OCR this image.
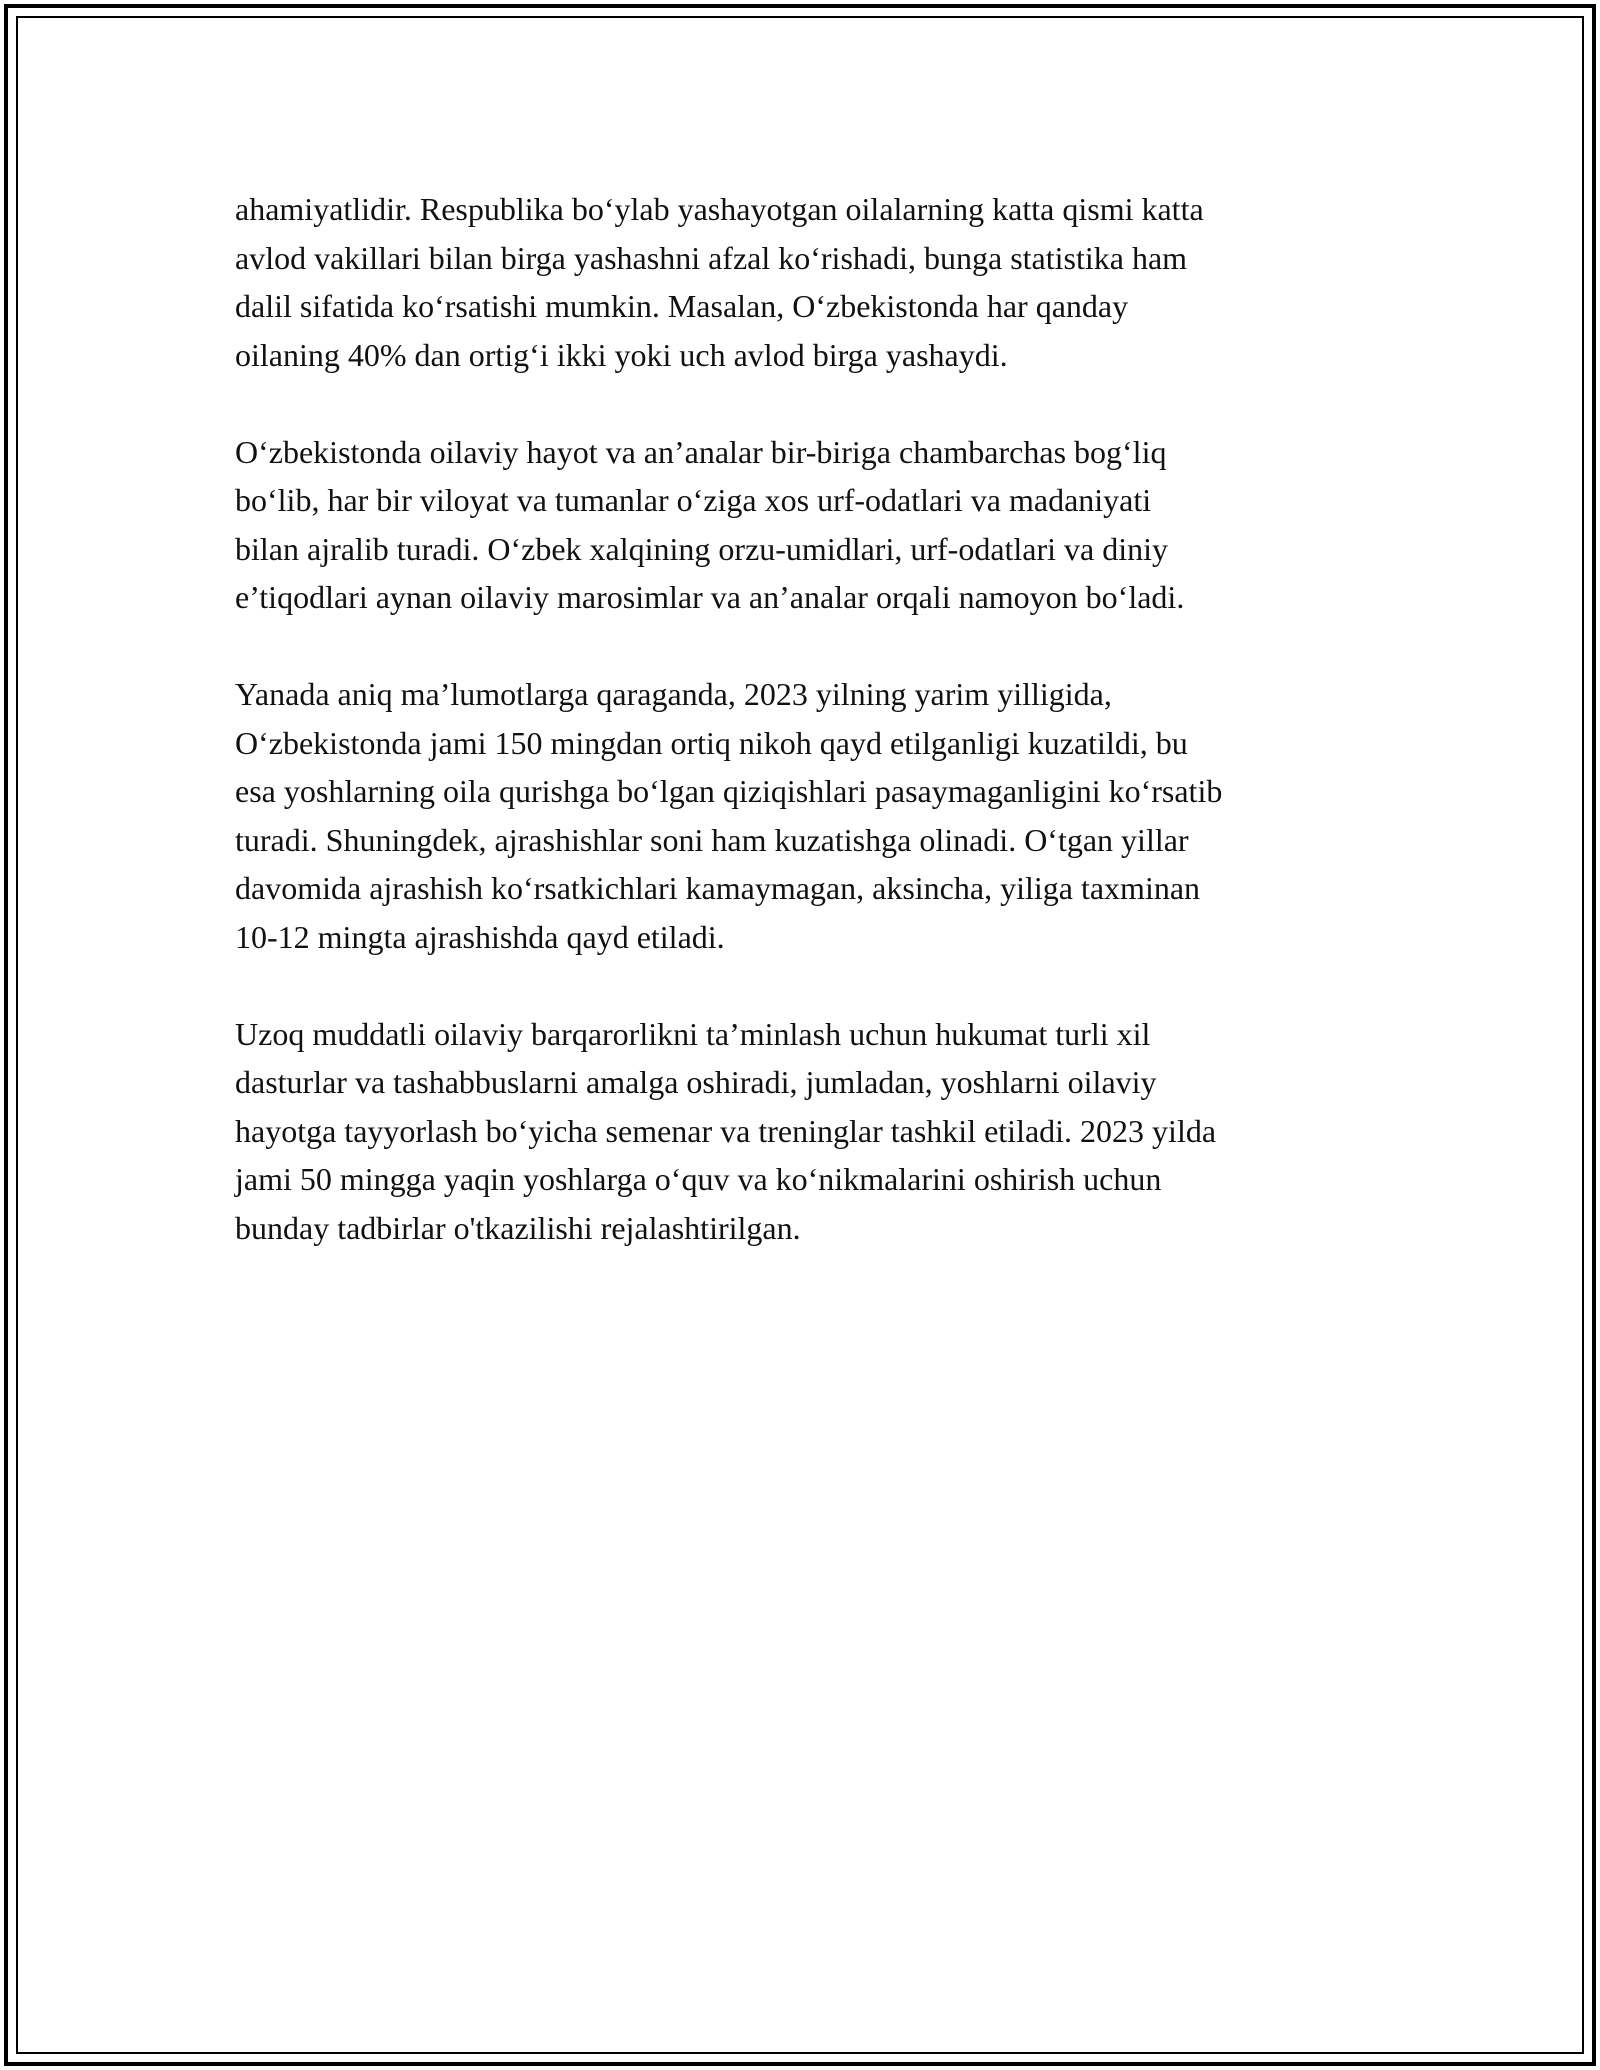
ahamiyatlidir. Respublika boʻylab yashayotgan oilalarning katta qismi katta
avlod vakillari bilan birga yashashni afzal koʻrishadi, bunga statistika ham
dalil sifatida koʻrsatishi mumkin. Masalan, Oʻzbekistonda har qanday
oilaning 40% dan ortigʻi ikki yoki uch avlod birga yashaydi.

Oʻzbekistonda oilaviy hayot va an’analar bir-biriga chambarchas bogʻliq
boʻlib, har bir viloyat va tumanlar oʻziga xos urf-odatlari va madaniyati
bilan ajralib turadi. Oʻzbek xalqining orzu-umidlari, urf-odatlari va diniy
e’tiqodlari aynan oilaviy marosimlar va an’analar orqali namoyon boʻladi.

Yanada aniq ma’lumotlarga qaraganda, 2023 yilning yarim yilligida,
Oʻzbekistonda jami 150 mingdan ortiq nikoh qayd etilganligi kuzatildi, bu
esa yoshlarning oila qurishga boʻlgan qiziqishlari pasaymaganligini koʻrsatib
turadi. Shuningdek, ajrashishlar soni ham kuzatishga olinadi. Oʻtgan yillar
davomida ajrashish koʻrsatkichlari kamaymagan, aksincha, yiliga taxminan
10-12 mingta ajrashishda qayd etiladi.

Uzoq muddatli oilaviy barqarorlikni ta’minlash uchun hukumat turli xil
dasturlar va tashabbuslarni amalga oshiradi, jumladan, yoshlarni oilaviy
hayotga tayyorlash boʻyicha semenar va treninglar tashkil etiladi. 2023 yilda
jami 50 mingga yaqin yoshlarga oʻquv va koʻnikmalarini oshirish uchun
bunday tadbirlar o'tkazilishi rejalashtirilgan.
